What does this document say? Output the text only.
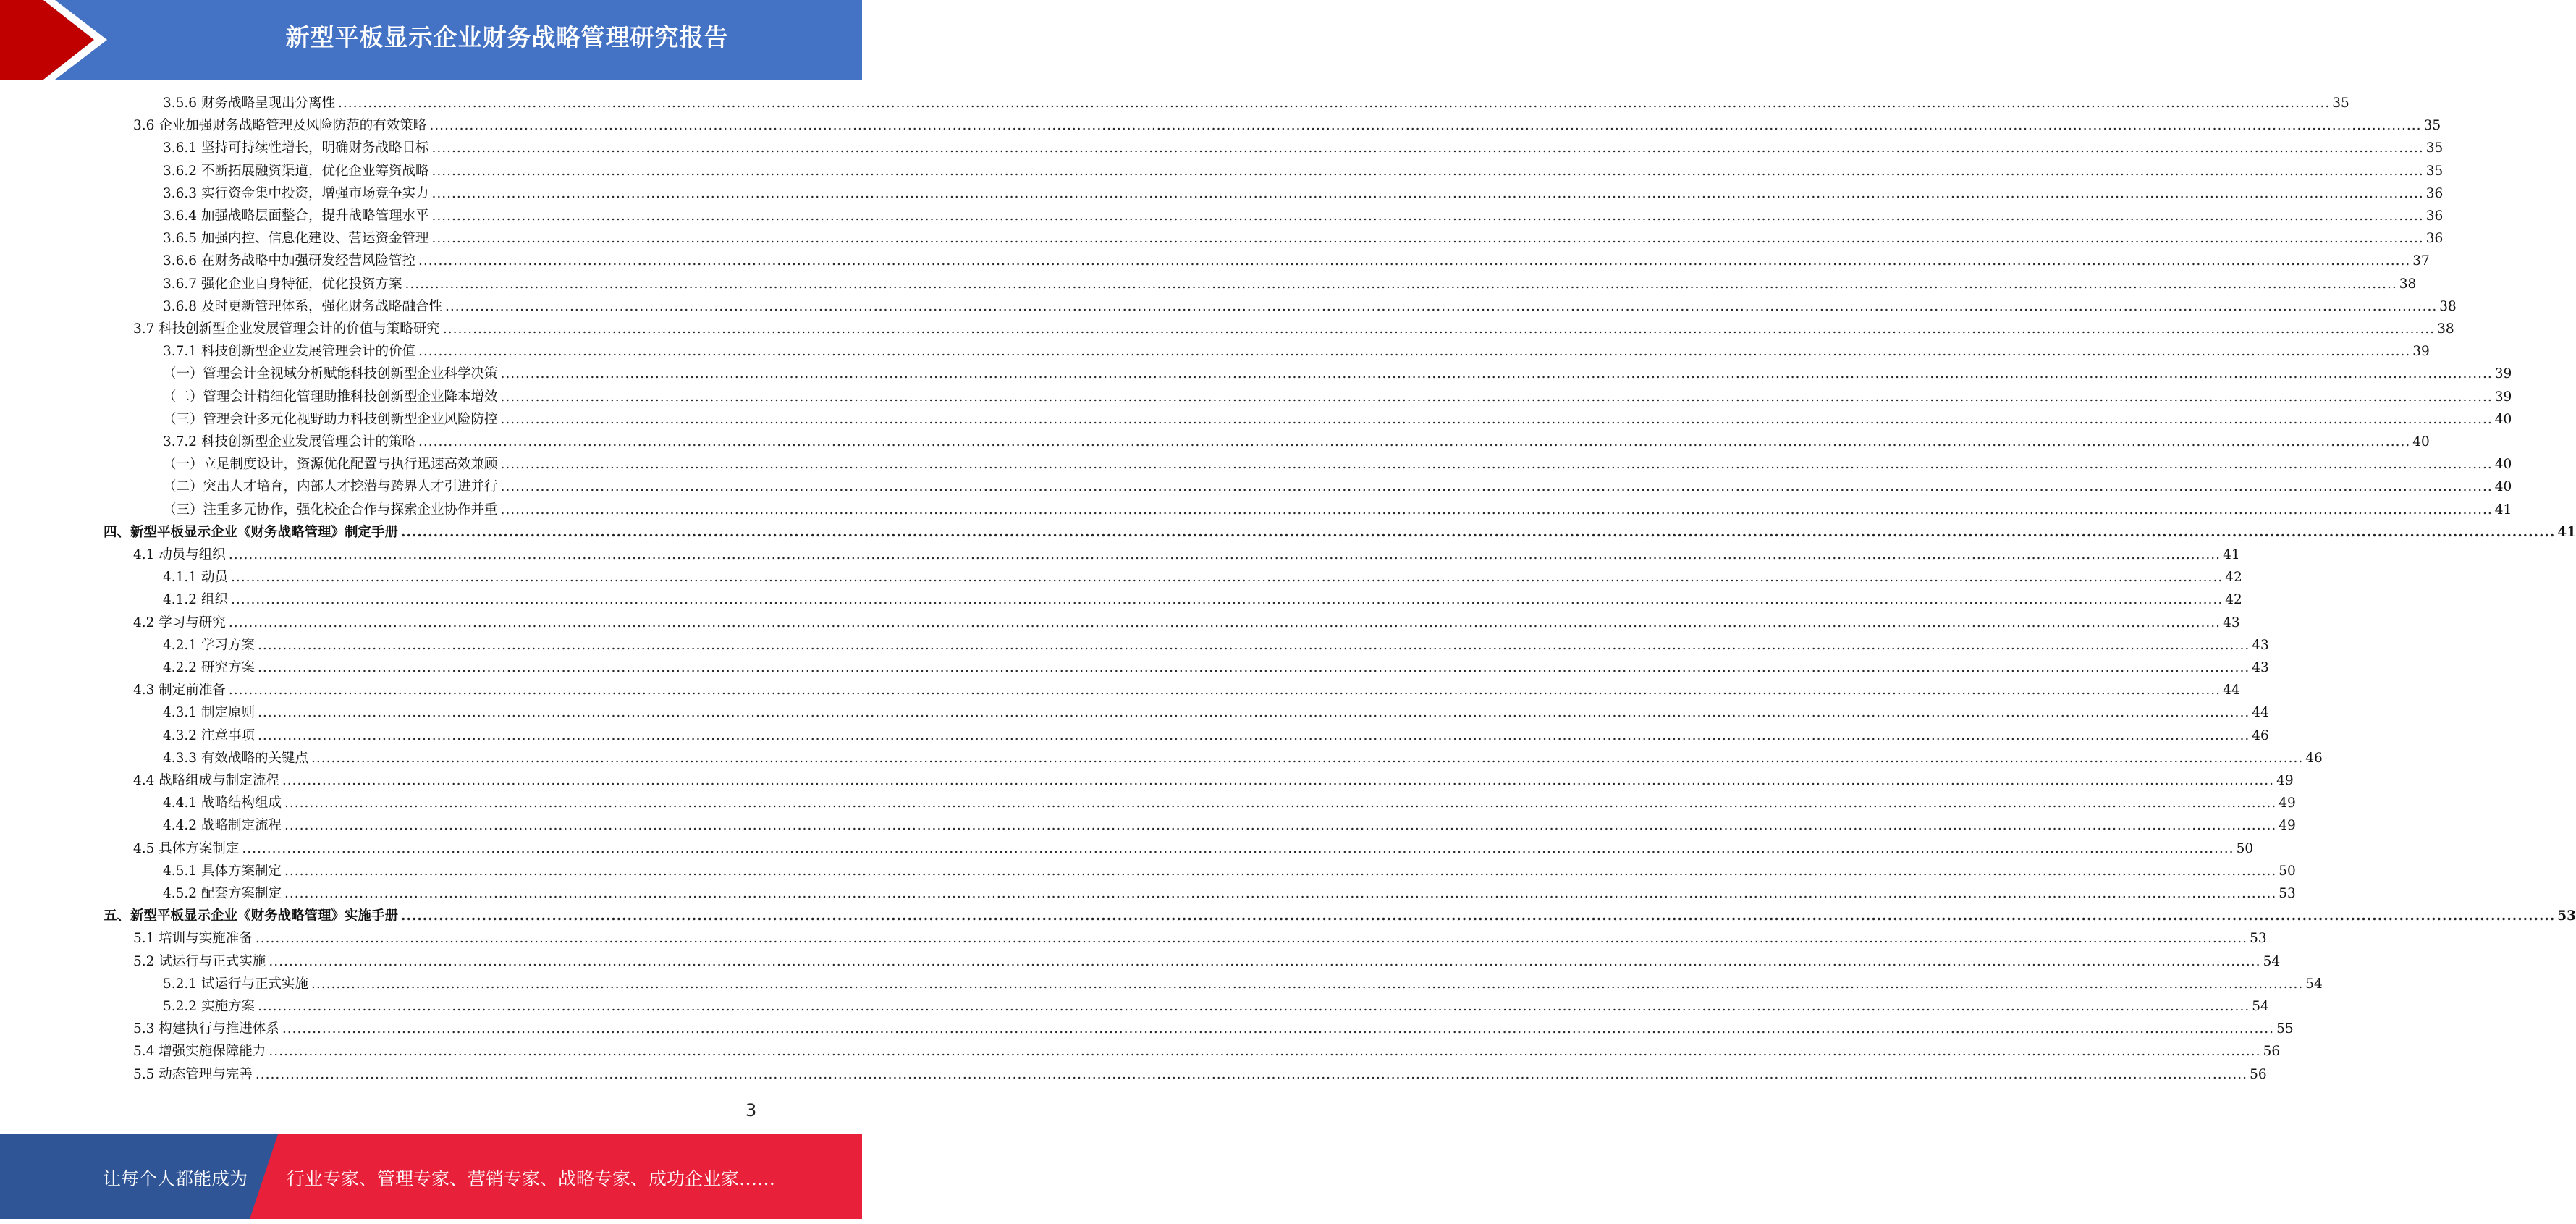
新型平板显示企业财务战略管理研究报告
3.5.6 财务战略呈现出分离性 ................................................................................................................................................................................................................................................................................................................................................................................................................ 35
3.6 企业加强财务战略管理及风险防范的有效策略 ................................................................................................................................................................................................................................................................................................................................................................................................................ 35
3.6.1 坚持可持续性增长，明确财务战略目标 ................................................................................................................................................................................................................................................................................................................................................................................................................ 35
3.6.2 不断拓展融资渠道，优化企业筹资战略 ................................................................................................................................................................................................................................................................................................................................................................................................................ 35
3.6.3 实行资金集中投资，增强市场竞争实力 ................................................................................................................................................................................................................................................................................................................................................................................................................ 36
3.6.4 加强战略层面整合，提升战略管理水平 ................................................................................................................................................................................................................................................................................................................................................................................................................ 36
3.6.5 加强内控、信息化建设、营运资金管理 ................................................................................................................................................................................................................................................................................................................................................................................................................ 36
3.6.6 在财务战略中加强研发经营风险管控 ................................................................................................................................................................................................................................................................................................................................................................................................................ 37
3.6.7 强化企业自身特征，优化投资方案 ................................................................................................................................................................................................................................................................................................................................................................................................................ 38
3.6.8 及时更新管理体系，强化财务战略融合性 ................................................................................................................................................................................................................................................................................................................................................................................................................ 38
3.7 科技创新型企业发展管理会计的价值与策略研究 ................................................................................................................................................................................................................................................................................................................................................................................................................ 38
3.7.1 科技创新型企业发展管理会计的价值 ................................................................................................................................................................................................................................................................................................................................................................................................................ 39
（一）管理会计全视域分析赋能科技创新型企业科学决策 ................................................................................................................................................................................................................................................................................................................................................................................................................ 39
（二）管理会计精细化管理助推科技创新型企业降本增效 ................................................................................................................................................................................................................................................................................................................................................................................................................ 39
（三）管理会计多元化视野助力科技创新型企业风险防控 ................................................................................................................................................................................................................................................................................................................................................................................................................ 40
3.7.2 科技创新型企业发展管理会计的策略 ................................................................................................................................................................................................................................................................................................................................................................................................................ 40
（一）立足制度设计，资源优化配置与执行迅速高效兼顾 ................................................................................................................................................................................................................................................................................................................................................................................................................ 40
（二）突出人才培育，内部人才挖潜与跨界人才引进并行 ................................................................................................................................................................................................................................................................................................................................................................................................................ 40
（三）注重多元协作，强化校企合作与探索企业协作并重 ................................................................................................................................................................................................................................................................................................................................................................................................................ 41
四、新型平板显示企业《财务战略管理》制定手册 ................................................................................................................................................................................................................................................................................................................................................................................................................ 41
4.1 动员与组织 ................................................................................................................................................................................................................................................................................................................................................................................................................ 41
4.1.1 动员 ................................................................................................................................................................................................................................................................................................................................................................................................................ 42
4.1.2 组织 ................................................................................................................................................................................................................................................................................................................................................................................................................ 42
4.2 学习与研究 ................................................................................................................................................................................................................................................................................................................................................................................................................ 43
4.2.1 学习方案 ................................................................................................................................................................................................................................................................................................................................................................................................................ 43
4.2.2 研究方案 ................................................................................................................................................................................................................................................................................................................................................................................................................ 43
4.3 制定前准备 ................................................................................................................................................................................................................................................................................................................................................................................................................ 44
4.3.1 制定原则 ................................................................................................................................................................................................................................................................................................................................................................................................................ 44
4.3.2 注意事项 ................................................................................................................................................................................................................................................................................................................................................................................................................ 46
4.3.3 有效战略的关键点 ................................................................................................................................................................................................................................................................................................................................................................................................................ 46
4.4 战略组成与制定流程 ................................................................................................................................................................................................................................................................................................................................................................................................................ 49
4.4.1 战略结构组成 ................................................................................................................................................................................................................................................................................................................................................................................................................ 49
4.4.2 战略制定流程 ................................................................................................................................................................................................................................................................................................................................................................................................................ 49
4.5 具体方案制定 ................................................................................................................................................................................................................................................................................................................................................................................................................ 50
4.5.1 具体方案制定 ................................................................................................................................................................................................................................................................................................................................................................................................................ 50
4.5.2 配套方案制定 ................................................................................................................................................................................................................................................................................................................................................................................................................ 53
五、新型平板显示企业《财务战略管理》实施手册 ................................................................................................................................................................................................................................................................................................................................................................................................................ 53
5.1 培训与实施准备 ................................................................................................................................................................................................................................................................................................................................................................................................................ 53
5.2 试运行与正式实施 ................................................................................................................................................................................................................................................................................................................................................................................................................ 54
5.2.1 试运行与正式实施 ................................................................................................................................................................................................................................................................................................................................................................................................................ 54
5.2.2 实施方案 ................................................................................................................................................................................................................................................................................................................................................................................................................ 54
5.3 构建执行与推进体系 ................................................................................................................................................................................................................................................................................................................................................................................................................ 55
5.4 增强实施保障能力 ................................................................................................................................................................................................................................................................................................................................................................................................................ 56
5.5 动态管理与完善 ................................................................................................................................................................................................................................................................................................................................................................................................................ 56
3
让每个人都能成为 行业专家、管理专家、营销专家、战略专家、成功企业家……
